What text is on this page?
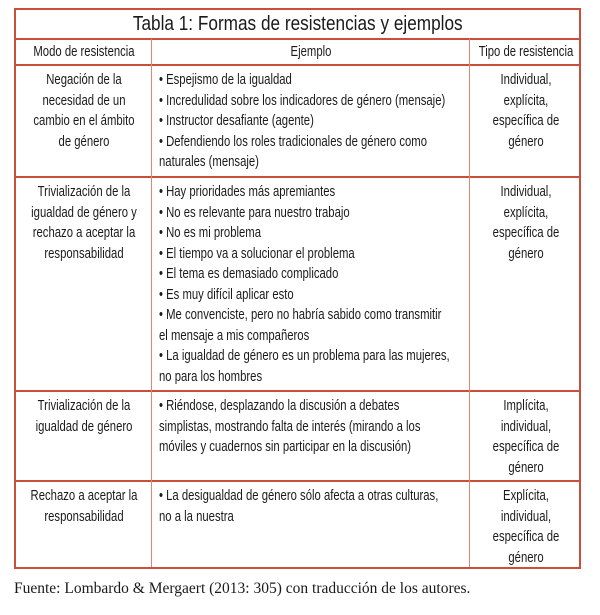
Tabla 1: Formas de resistencias y ejemplos
Modo de resistencia	Ejemplo	Tipo de resistencia
Negación de la
necesidad de un
cambio en el ámbito
de género
• Espejismo de la igualdad
• Incredulidad sobre los indicadores de género (mensaje)
• Instructor desafiante (agente)
• Defendiendo los roles tradicionales de género como
naturales (mensaje)
Individual,
explícita,
específica de
género
Trivialización de la
igualdad de género y
rechazo a aceptar la
responsabilidad
• Hay prioridades más apremiantes
• No es relevante para nuestro trabajo
• No es mi problema
• El tiempo va a solucionar el problema
• El tema es demasiado complicado
• Es muy difícil aplicar esto
• Me convenciste, pero no habría sabido como transmitir
el mensaje a mis compañeros
• La igualdad de género es un problema para las mujeres,
no para los hombres
Individual,
explícita,
específica de
género
Trivialización de la
igualdad de género
• Riéndose, desplazando la discusión a debates
simplistas, mostrando falta de interés (mirando a los
móviles y cuadernos sin participar en la discusión)
Implícita,
individual,
específica de
género
Rechazo a aceptar la
responsabilidad
• La desigualdad de género sólo afecta a otras culturas,
no a la nuestra
Explícita,
individual,
específica de
género
Fuente: Lombardo & Mergaert (2013: 305) con traducción de los autores.
